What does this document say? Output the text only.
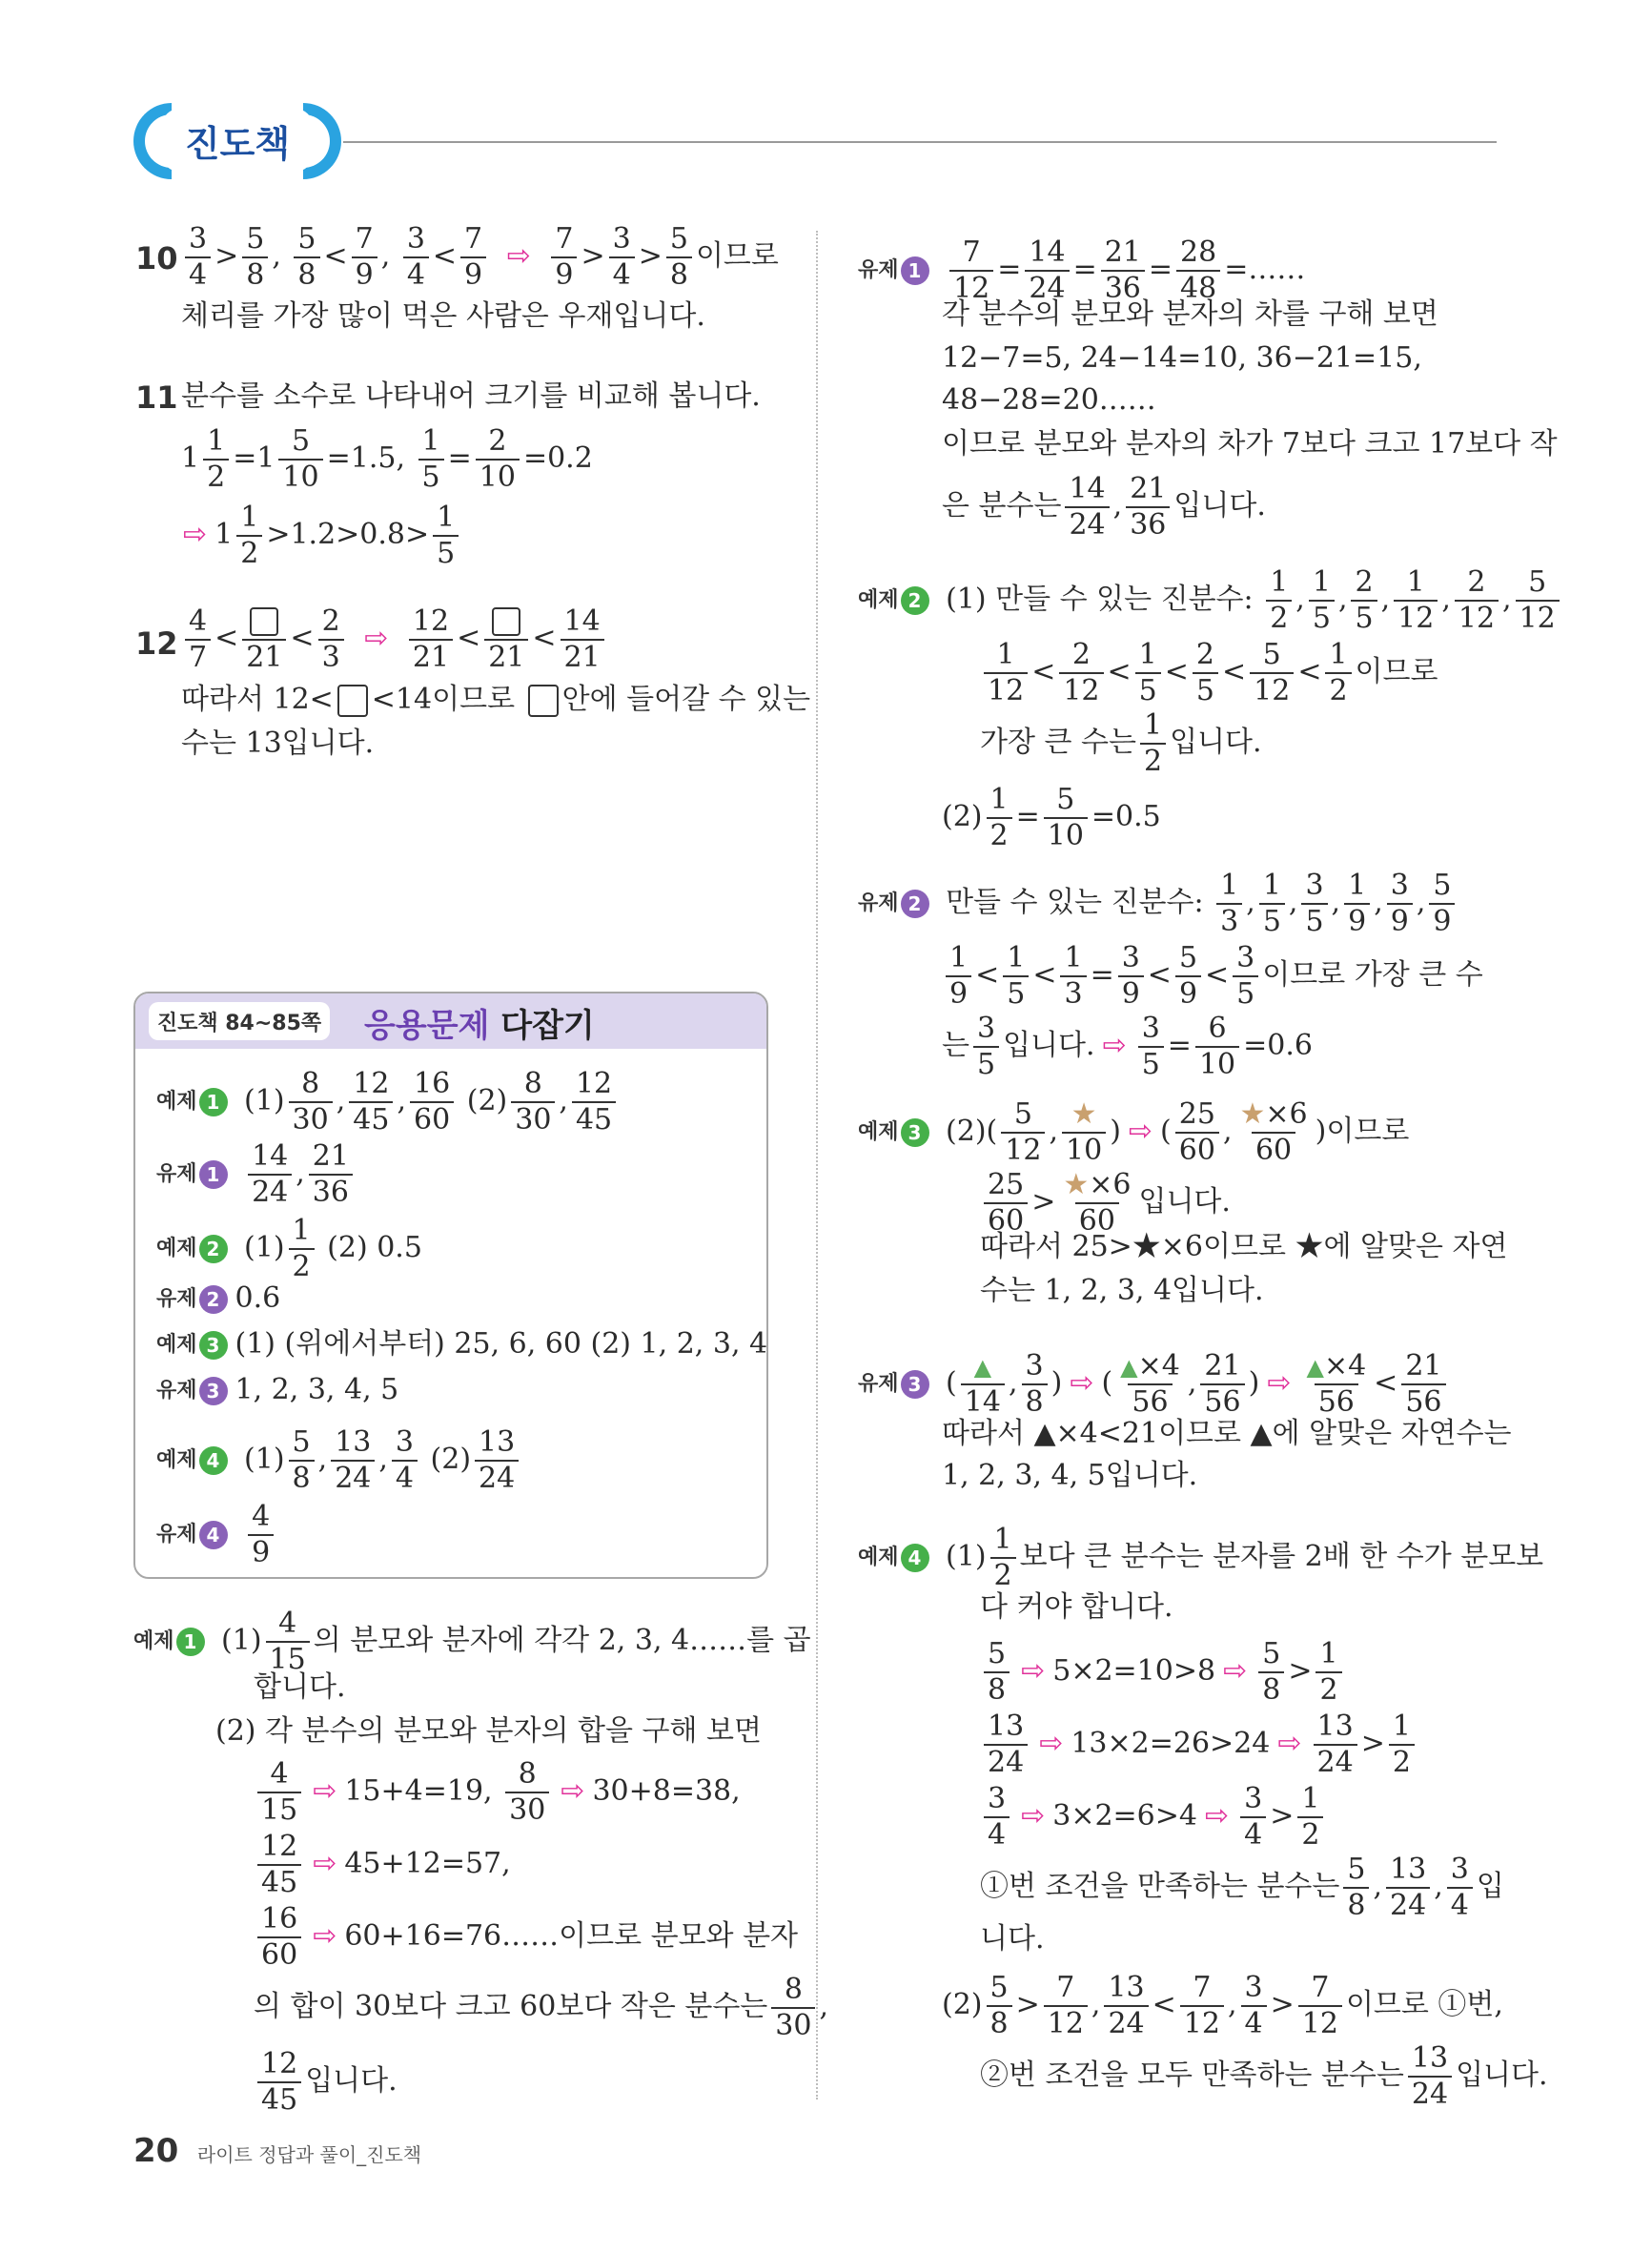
진도책
$10 \frac{3}{4} > \frac{5}{8}$ , $\frac{5}{8} < \frac{7}{9}$ , $\frac{3}{4} < \frac{7}{9}$ ⇨ $\frac{7}{9} > \frac{3}{4} > \frac{5}{8}$ 이므로
체리를 가장 많이 먹은 사람은 우재입니다.
11 분수를 소수로 나타내어 크기를 비교해 봅니다.
$1 \frac{1}{2} =1 \frac{5}{10} =1.5$, $\frac{1}{5} = \frac{2}{10} =0.2$
⇨ $1 \frac{1}{2} >1.2>0.8> \frac{1}{5}$
$12 \frac{4}{7}$ <
21
< $\frac{2}{3}$ ⇨ $\frac{12}{21}$ <
21
< $\frac{14}{21}$
따라서 12< <14이므로 안에 들어갈 수 있는
수는 13입니다.
진도책 84~85쪽 응용문제 다잡기
예제 1 $(1) \frac{8}{30}$ , $\frac{12}{45}$ , $\frac{16}{60} (2) \frac{8}{30}$ , $\frac{12}{45}$
유제 1
$\frac{14}{24}$ , $\frac{21}{36}$
예제 2 $(1) \frac{1}{2} (2)$ 0.5
유제 2 0.6
예제 3 (1) (위에서부터) 25, 6, 60 (2) 1, 2, 3, 4
유제 3 1, 2, 3, 4, 5
예제 4 $(1) \frac{5}{8}$ , $\frac{13}{24}$ , $\frac{3}{4} (2) \frac{13}{24}$
유제 4
$\frac{4}{9}$
예제 1 $(1) \frac{4}{15}$ 의 분모와 분자에 각각 2, 3, 4……를 곱
합니다.
(2) 각 분수의 분모와 분자의 합을 구해 보면
$\frac{4}{15}$ ⇨ 15+4=19, $\frac{8}{30}$ ⇨ 30+8=38,
$\frac{12}{45}$ ⇨ 45+12=57,
$\frac{16}{60}$ ⇨ 60+16=76……이므로 분모와 분자
의 합이 30보다 크고 60보다 작은 분수는 $\frac{8}{30}$ ,
$\frac{12}{45}$ 입니다.
유제 1
$\frac{7}{12} = \frac{14}{24} = \frac{21}{36} = \frac{28}{48}$ =……
각 분수의 분모와 분자의 차를 구해 보면
12−7=5, 24−14=10, 36−21=15,
48−28=20……
이므로 분모와 분자의 차가 7보다 크고 17보다 작
은 분수는 $\frac{14}{24}$ , $\frac{21}{36}$ 입니다.
예제 2 (1) 만들 수 있는 진분수: $\frac{1}{2}$ , $\frac{1}{5}$ , $\frac{2}{5}$ , $\frac{1}{12}$ , $\frac{2}{12}$ , $\frac{5}{12}$
$\frac{1}{12} < \frac{2}{12} < \frac{1}{5} < \frac{2}{5} < \frac{5}{12} < \frac{1}{2}$ 이므로
가장 큰 수는 $\frac{1}{2}$ 입니다.
$(2) \frac{1}{2} = \frac{5}{10} =0.5$
유제 2 만들 수 있는 진분수: $\frac{1}{3}$ , $\frac{1}{5}$ , $\frac{3}{5}$ , $\frac{1}{9}$ , $\frac{3}{9}$ , $\frac{5}{9}$
$\frac{1}{9} < \frac{1}{5} < \frac{1}{3} = \frac{3}{9} < \frac{5}{9} < \frac{3}{5}$ 이므로 가장 큰 수
는 $\frac{3}{5}$ 입니다. ⇨ $\frac{3}{5} = \frac{6}{10} =0.6$
예제 3 $(2)( \frac{5}{12}$ , $\frac{★}{10}$ ) ⇨ ( $\frac{25}{60}$ , $\frac{★\times 6}{60}$ )이므로
$\frac{25}{60} > \frac{★\times 6}{60}$ 입니다.
따라서 25>★×6이므로 ★에 알맞은 자연
수는 1, 2, 3, 4입니다.
유제 3 ( $\frac{▲}{14}$ , $\frac{3}{8}$ ) ⇨ ( $\frac{▲\times 4}{56}$ , $\frac{21}{56}$ ) ⇨ $\frac{▲\times 4}{56} < \frac{21}{56}$
따라서 ▲×4<21이므로 ▲에 알맞은 자연수는
1, 2, 3, 4, 5입니다.
예제 4 $(1) \frac{1}{2}$ 보다 큰 분수는 분자를 2배 한 수가 분모보
다 커야 합니다.
$\frac{5}{8}$ ⇨ 5×2=10>8 ⇨ $\frac{5}{8} > \frac{1}{2}$
$\frac{13}{24}$ ⇨ 13×2=26>24 ⇨ $\frac{13}{24} > \frac{1}{2}$
$\frac{3}{4}$ ⇨ 3×2=6>4 ⇨ $\frac{3}{4} > \frac{1}{2}$
①번 조건을 만족하는 분수는 $\frac{5}{8}$ , $\frac{13}{24}$ , $\frac{3}{4}$ 입
니다.
$(2) \frac{5}{8} > \frac{7}{12}$ , $\frac{13}{24} < \frac{7}{12}$ , $\frac{3}{4} > \frac{7}{12}$ 이므로 ①번,
②번 조건을 모두 만족하는 분수는 $\frac{13}{24}$ 입니다.
20 라이트 정답과 풀이_진도책
